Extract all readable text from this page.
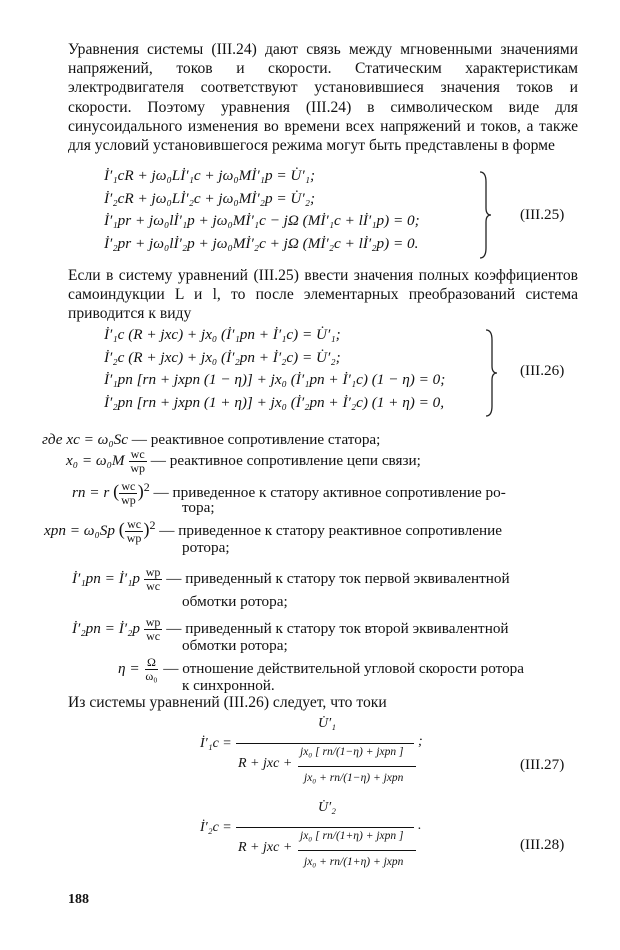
Уравнения системы (III.24) дают связь между мгновенными значениями напряжений, токов и скорости. Статическим характеристикам электродвигателя соответствуют установившиеся значения токов и скорости. Поэтому уравнения (III.24) в символическом виде для синусоидального изменения во времени всех напряжений и токов, а также для условий установившегося режима могут быть представлены в форме
İ′₁cR + jω₀Lİ′₁c + jω₀Mİ′₁p = U̇′₁;
İ′₂cR + jω₀Lİ′₂c + jω₀Mİ′₂p = U̇′₂;
İ′₁pr + jω₀lİ′₁p + jω₀Mİ′₁c − jΩ (Mİ′₁c + lİ′₁p) = 0;
İ′₂pr + jω₀lİ′₂p + jω₀Mİ′₂c + jΩ (Mİ′₂c + lİ′₂p) = 0.
(III.25)
Если в систему уравнений (III.25) ввести значения полных коэффициентов самоиндукции L и l, то после элементарных преобразований система приводится к виду
İ′₁c (R + jxc) + jx₀ (İ′₁pп + İ′₁c) = U̇′₁;
İ′₂c (R + jxc) + jx₀ (İ′₂pп + İ′₂c) = U̇′₂;
İ′₁pп [rп + jxpп (1 − η)] + jx₀ (İ′₁pп + İ′₁c) (1 − η) = 0;
İ′₂pп [rп + jxpп (1 + η)] + jx₀ (İ′₂pп + İ′₂c) (1 + η) = 0,
(III.26)
где xc = ω₀Sc — реактивное сопротивление статора;
$x_0 = \omega_0M \frac{wc}{wp}$ — реактивное сопротивление цепи связи;
rп = r ( $\frac{wc}{wp} )^2$ — приведенное к статору активное сопротивление ро-
тора;
xpп = ω₀Sp ( $\frac{wc}{wp} )^2$ — приведенное к статору реактивное сопротивление
ротора;
İ′₁pп = İ′₁p $\frac{wp}{wc}$ — приведенный к статору ток первой эквивалентной
обмотки ротора;
İ′₂pп = İ′₂p $\frac{wp}{wc}$ — приведенный к статору ток второй эквивалентной
обмотки ротора;
$\eta = \frac{\Omega}{\text{ω₀}}$ — отношение действительной угловой скорости ротора
к синхронной.
Из системы уравнений (III.26) следует, что токи
İ′₁c =
U̇′₁
;
R + jxc +
jx₀ [ rп/(1−η) + jxpп ]
jx₀ + rп/(1−η) + jxpп
(III.27)
İ′₂c =
U̇′₂
.
R + jxc +
jx₀ [ rп/(1+η) + jxpп ]
jx₀ + rп/(1+η) + jxpп
(III.28)
188
